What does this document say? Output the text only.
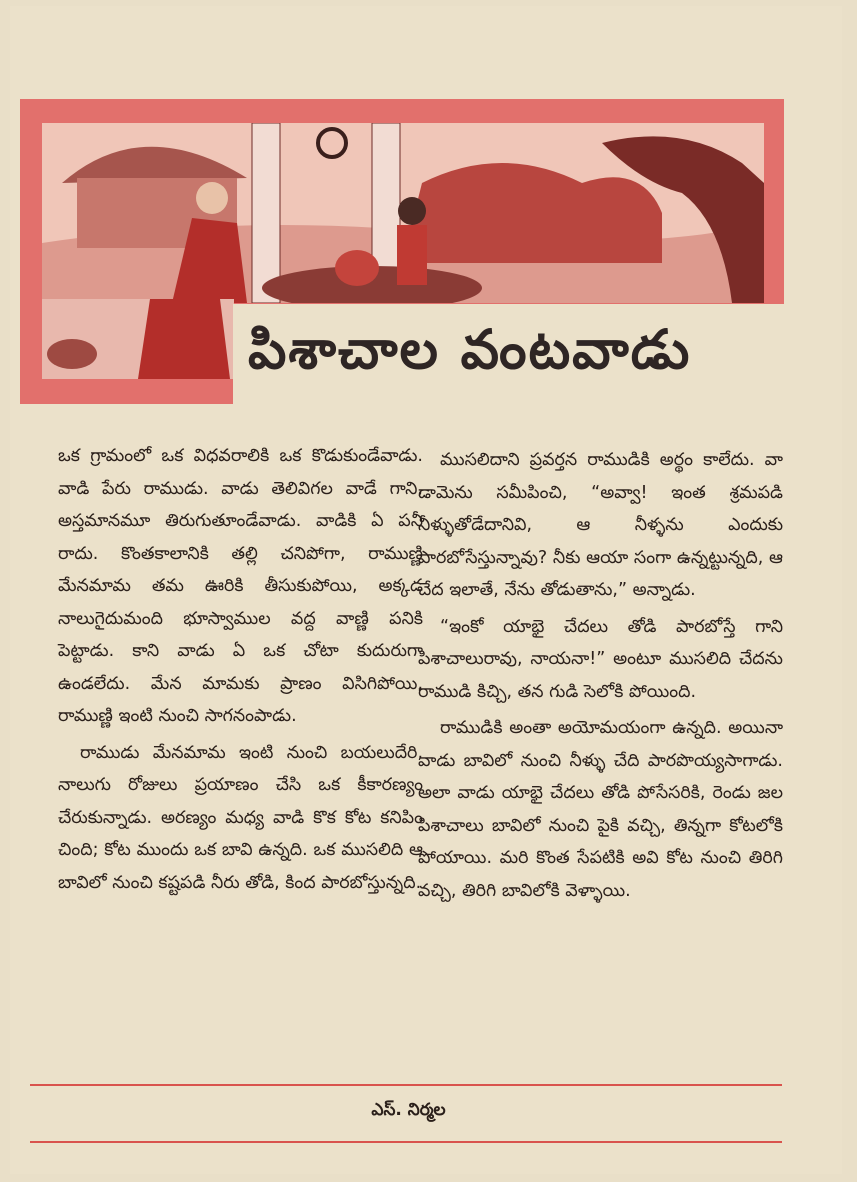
పిశాచాల వంటవాడు

ఒక గ్రామంలో ఒక విధవరాలికి ఒక కొడుకుండేవాడు. వాడి పేరు రాముడు. వాడు తెలివిగల వాడే గాని, అస్తమానమూ తిరుగుతూండేవాడు. వాడికి ఏ పనీ రాదు. కొంతకాలానికి తల్లి చనిపోగా, రాముణ్ణి మేనమామ తమ ఊరికి తీసుకుపోయి, అక్కడ నాలుగైదుమంది భూస్వాముల వద్ద వాణ్ణి పనికి పెట్టాడు. కాని వాడు ఏ ఒక చోటా కుదురుగా ఉండలేదు. మేన మామకు ప్రాణం విసిగిపోయి, రాముణ్ణి ఇంటి నుంచి సాగనంపాడు.

రాముడు మేనమామ ఇంటి నుంచి బయలుదేరి, నాలుగు రోజులు ప్రయాణం చేసి ఒక కీకారణ్యం చేరుకున్నాడు. అరణ్యం మధ్య వాడి కొక కోట కనిపిం చింది; కోట ముందు ఒక బావి ఉన్నది. ఒక ముసలిది ఆ బావిలో నుంచి కష్టపడి నీరు తోడి, కింద పారబోస్తున్నది.

ముసలిదాని ప్రవర్తన రాముడికి అర్థం కాలేదు. వా డామెను సమీపించి, “అవ్వా! ఇంత శ్రమపడి నీళ్ళుతోడేదానివి, ఆ నీళ్ళను ఎందుకు పారబోసేస్తున్నావు? నీకు ఆయా సంగా ఉన్నట్టున్నది, ఆ చేద ఇలాతే, నేను తోడుతాను,” అన్నాడు.

“ఇంకో యాభై చేదలు తోడి పారబోస్తే గాని పిశాచాలురావు, నాయనా!” అంటూ ముసలిది చేదను రాముడి కిచ్చి, తన గుడి సెలోకి పోయింది.

రాముడికి అంతా అయోమయంగా ఉన్నది. అయినా వాడు బావిలో నుంచి నీళ్ళు చేది పారపొయ్యసాగాడు. అలా వాడు యాభై చేదలు తోడి పోసేసరికి, రెండు జల పిశాచాలు బావిలో నుంచి పైకి వచ్చి, తిన్నగా కోటలోకి పోయాయి. మరి కొంత సేపటికి అవి కోట నుంచి తిరిగి వచ్చి, తిరిగి బావిలోకి వెళ్ళాయి.

ఎస్. నిర్మల
